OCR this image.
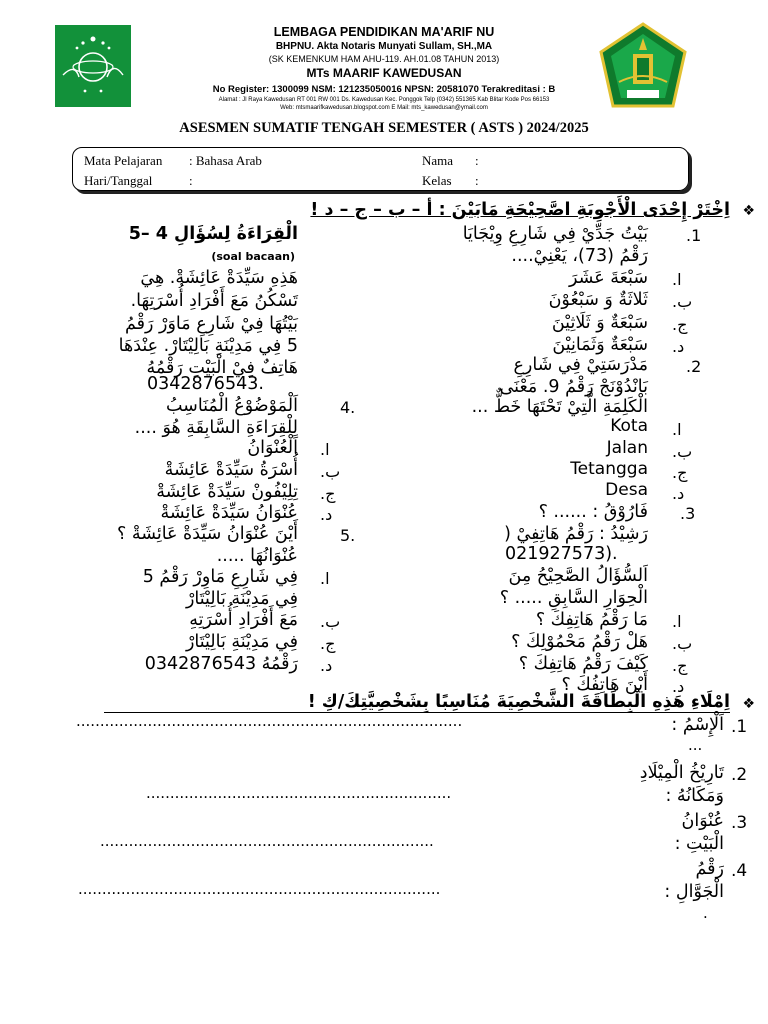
LEMBAGA PENDIDIKAN MA'ARIF NU
BHPNU. Akta Notaris Munyati Sullam, SH.,MA
(SK KEMENKUM HAM AHU-119. AH.01.08 TAHUN 2013)
MTs MAARIF KAWEDUSAN
No Register: 1300099 NSM: 121235050016 NPSN: 20581070 Terakreditasi : B
Alamat : Jl Raya Kawedusan RT 001 RW 001 Ds. Kawedusan Kec. Ponggok Telp (0342) 551365 Kab Blitar Kode Pos 66153
Web: mtsmaarifkawedusan.blogspot.com E Mail: mts_kawedusan@ymail.com
ASESMEN SUMATIF TENGAH SEMESTER ( ASTS ) 2024/2025
Mata Pelajaran : Bahasa Arab
Hari/Tanggal	:
Nama :
Kelas :
❖
اِخْتَرْ إِحْدَى الْأَجْوِبَةِ اصَّحِيْحَةِ مَابَيْنَ : أ – ب – ج – د !
الْقِرَاءَةُ لِسُؤَالِ 4 –5
(soal bacaan)
هَذِهِ سَيِّدَةْ عَائِشَةْ. هِيَ
تَسْكُنُ مَعَ أَفْرَادِ أُسْرَتِهَا.
بَيْتُهَا فِيْ شَارِعِ مَاوَرْ رَقْمُ
5 فِي مَدِيْنَةِ بَالِيْتَارْ. عِنْدَهَا
هَاتِفٌ فِيْ الْبَيْتِ رَقْمُهُ
0342876543.
4.
اَلْمَوْضُوْعُ الْمُنَاسِبُ
لِلْقِرَاءَةِ السَّابِقَةِ هُوَ ....
.ا
اَلْعُنْوَانُ
.ب
أُسْرَةُ سَيِّدَةْ عَائِشَةْ
.ج
تِلِيْفُونْ سَيِّدَةْ عَائِشَةْ
.د
عُنْوَانُ سَيِّدَةْ عَائِشَةْ
5.
أَيْنَ عُنْوَانُ سَيِّدَةْ عَائِشَةْ ؟
عُنْوَانُهَا .....
.ا
فِي شَارِعِ مَاوِرْ رَقْمُ 5
فِي مَدِيْنَةِ بَالِيْتَارْ
.ب
مَعَ أَفْرَادِ أُسْرَتِهِ
.ج
فِي مَدِيْنَةِ بَالِيْتَارْ
.د
رَقْمُهُ 0342876543
.1
بَيْتُ جَدِّيْ فِي شَارِعِ وِيْجَايَا
رَقْمُ (73)، يَعْنِيْ....
.ا
سَبْعَةَ عَشَرَ
.ب
ثَلاثَةٌ وَ سَبْعُوْنَ
.ج
سَبْعَةٌ وَ ثَلَاثِيْنَ
.د
سَبْعَةٌ وَثَمَانِيْنَ
.2
مَدْرَسَتِيْ فِي شَارِعِ
بَانْدُوْنَجْ رَقْمُ 9. مَعْنَى
الْكَلِمَةِ الَّتِيْ تَحْتَهَا خَطٌّ ...
.ا
Kota
.ب
Jalan
.ج
Tetangga
.د
Desa
.3
فَارُوْقُ : ...... ؟
رَشِيْدُ : رَقْمُ هَاتِفِيْ (
021927573).
اَلسُّؤَالُ الصَّحِيْحُ مِنَ
الْحِوَارِ السَّابِقِ ..... ؟
.ا
مَا رَقْمُ هَاتِفِكَ ؟
.ب
هَلْ رَقْمُ مَحْمُوْلِكَ ؟
.ج
كَيْفَ رَقْمُ هَاتِفِكَ ؟
.د
أَيْنَ هَاتِفُكَ ؟
❖
اِمْلَاءِ هَذِهِ الْبِطَاقَةَ الشَّخْصِيَةَ مُنَاسِبًا بِشَخْصِيَّتِكَ/كِ !
.1
اَلْإِسْمُ :
.................................................................................
...
.2
تَارِيْخُ الْمِيْلَادِ
وَمَكَانُهُ :
................................................................
.3
عُنْوَانُ
الْبَيْتِ :
......................................................................
.4
رَقْمُ
الْجَوَّالِ :
............................................................................
.
